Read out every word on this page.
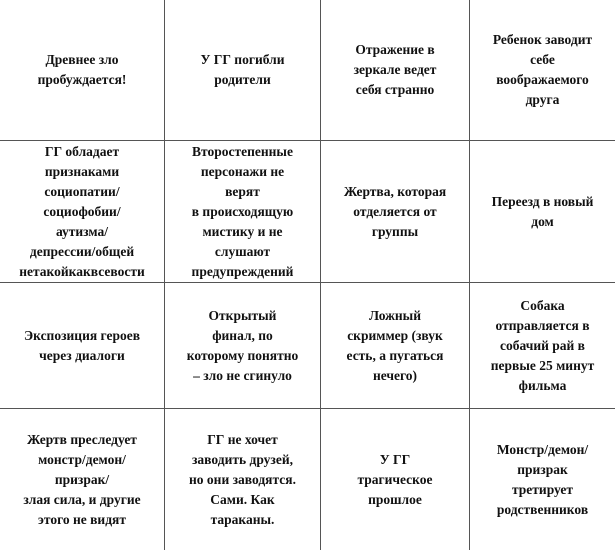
Древнее зло
пробуждается!
У ГГ погибли
родители
Отражение в
зеркале ведет
себя странно
Ребенок заводит
себе
воображаемого
друга
ГГ обладает
признаками
социопатии/
социофобии/
аутизма/
депрессии/общей
нетакойкаквсевости
Второстепенные
персонажи не
верят
в происходящую
мистику и не
слушают
предупреждений
Жертва, которая
отделяется от
группы
Переезд в новый
дом
Экспозиция героев
через диалоги
Открытый
финал, по
которому понятно
– зло не сгинуло
Ложный
скриммер (звук
есть, а пугаться
нечего)
Собака
отправляется в
собачий рай в
первые 25 минут
фильма
Жертв преследует
монстр/демон/
призрак/
злая сила, и другие
этого не видят
ГГ не хочет
заводить друзей,
но они заводятся.
Сами. Как
тараканы.
У ГГ
трагическое
прошлое
Монстр/демон/
призрак
третирует
родственников
